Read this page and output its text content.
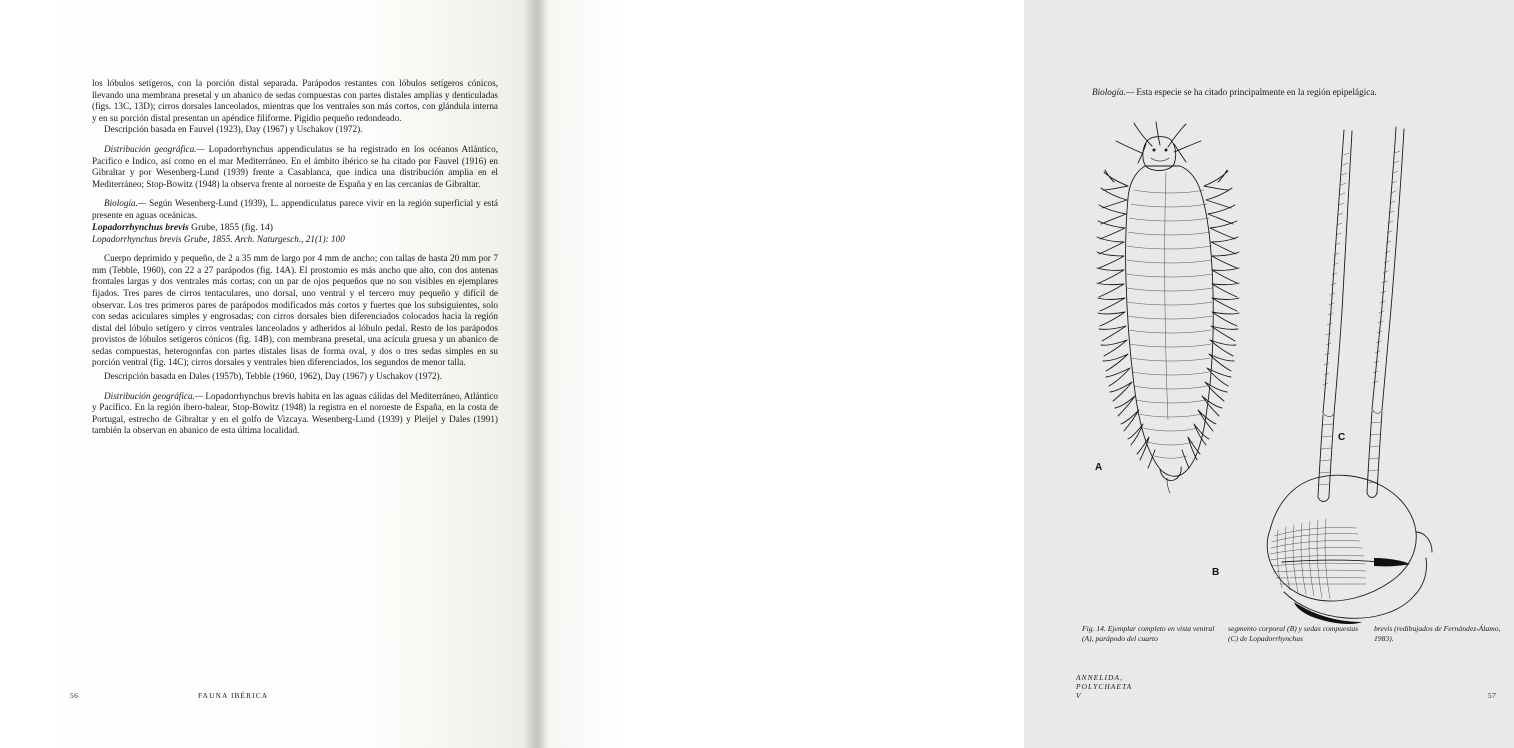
los lóbulos setígeros, con la porción distal separada. Parápodos restantes con lóbulos setígeros cónicos, llevando una membrana presetal y un abanico de sedas compuestas con partes distales amplias y denticuladas (figs. 13C, 13D); cirros dorsales lanceolados, mientras que los ventrales son más cortos, con glándula interna y en su porción distal presentan un apéndice filiforme. Pigidio pequeño redondeado.

Descripción basada en Fauvel (1923), Day (1967) y Uschakov (1972).

Distribución geográfica.— Lopadorrhynchus appendiculatus se ha registrado en los océanos Atlántico, Pacífico e Indico, así como en el mar Mediterráneo. En el ámbito ibérico se ha citado por Fauvel (1916) en Gibraltar y por Wesenberg-Lund (1939) frente a Casablanca, que indica una distribución amplia en el Mediterráneo; Stop-Bowitz (1948) la observa frente al noroeste de España y en las cercanías de Gibraltar.

Biología.— Según Wesenberg-Lund (1939), L. appendiculatus parece vivir en la región superficial y está presente en aguas oceánicas.

Lopadorrhynchus brevis Grube, 1855 (fig. 14)

Lopadorrhynchus brevis Grube, 1855. Arch. Naturgesch., 21(1): 100

Cuerpo deprimido y pequeño, de 2 a 35 mm de largo por 4 mm de ancho; con tallas de hasta 20 mm por 7 mm (Tebble, 1960), con 22 a 27 parápodos (fig. 14A). El prostomio es más ancho que alto, con dos antenas frontales largas y dos ventrales más cortas; con un par de ojos pequeños que no son visibles en ejemplares fijados. Tres pares de cirros tentaculares, uno dorsal, uno ventral y el tercero muy pequeño y difícil de observar. Los tres primeros pares de parápodos modificados más cortos y fuertes que los subsiguientes, solo con sedas aciculares simples y engrosadas; con cirros dorsales bien diferenciados colocados hacia la región distal del lóbulo setígero y cirros ventrales lanceolados y adheridos al lóbulo pedal. Resto de los parápodos provistos de lóbulos setígeros cónicos (fig. 14B), con membrana presetal, una acícula gruesa y un abanico de sedas compuestas, heterogonfas con partes distales lisas de forma oval, y dos o tres sedas simples en su porción ventral (fig. 14C); cirros dorsales y ventrales bien diferenciados, los segundos de menor talla.

Descripción basada en Dales (1957b), Tebble (1960, 1962), Day (1967) y Uschakov (1972).

Distribución geográfica.— Lopadorrhynchus brevis habita en las aguas cálidas del Mediterráneo, Atlántico y Pacífico. En la región ibero-balear, Stop-Bowitz (1948) la registra en el noroeste de España, en la costa de Portugal, estrecho de Gibraltar y en el golfo de Vizcaya. Wesenberg-Lund (1939) y Pleijel y Dales (1991) también la observan en abanico de esta última localidad.

56	FAUNA IBÉRICA

Biología.— Esta especie se ha citado principalmente en la región epipelágica.

A
C
B
Fig. 14. Ejemplar completo en vista ventral (A), parápodo del cuarto
segmento corporal (B) y sedas compuestas (C) de Lopadorrhynchus
brevis (redibujados de Fernández-Álamo, 1983).
ANNELIDA, POLYCHAETA V	57
